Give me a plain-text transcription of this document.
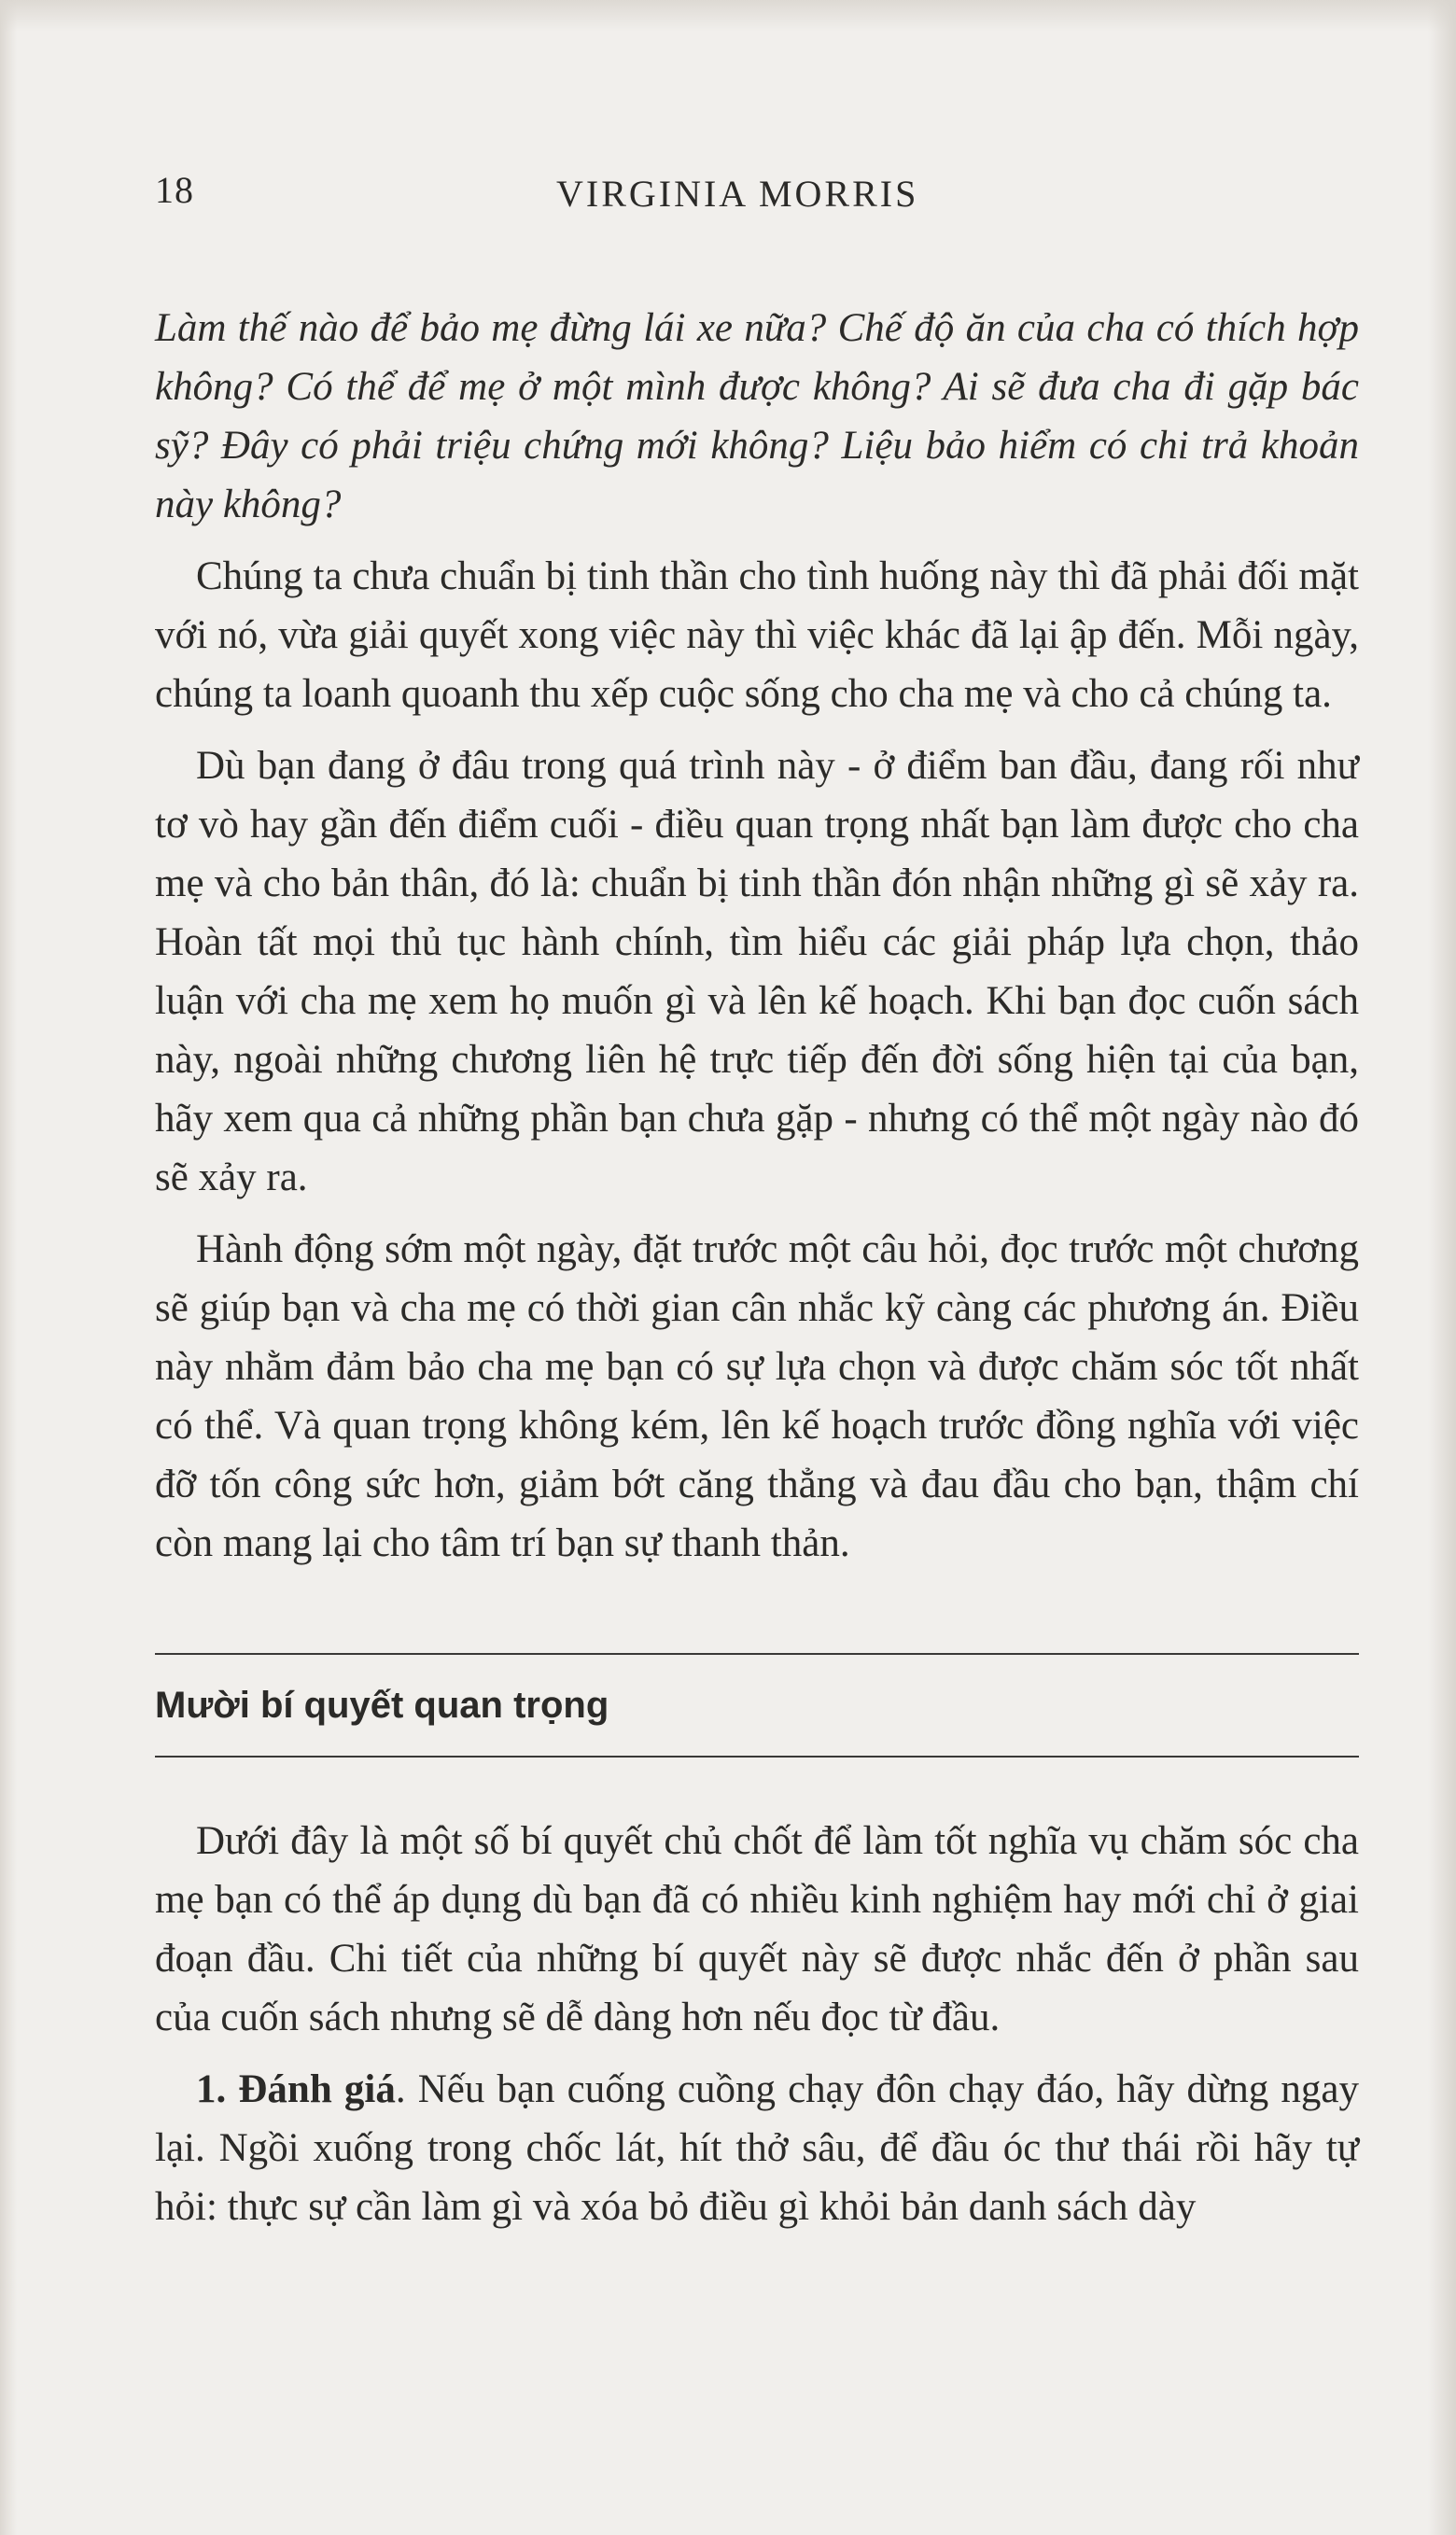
18	VIRGINIA MORRIS

Làm thế nào để bảo mẹ đừng lái xe nữa? Chế độ ăn của cha có thích hợp không? Có thể để mẹ ở một mình được không? Ai sẽ đưa cha đi gặp bác sỹ? Đây có phải triệu chứng mới không? Liệu bảo hiểm có chi trả khoản này không?

Chúng ta chưa chuẩn bị tinh thần cho tình huống này thì đã phải đối mặt với nó, vừa giải quyết xong việc này thì việc khác đã lại ập đến. Mỗi ngày, chúng ta loanh quoanh thu xếp cuộc sống cho cha mẹ và cho cả chúng ta.

Dù bạn đang ở đâu trong quá trình này - ở điểm ban đầu, đang rối như tơ vò hay gần đến điểm cuối - điều quan trọng nhất bạn làm được cho cha mẹ và cho bản thân, đó là: chuẩn bị tinh thần đón nhận những gì sẽ xảy ra. Hoàn tất mọi thủ tục hành chính, tìm hiểu các giải pháp lựa chọn, thảo luận với cha mẹ xem họ muốn gì và lên kế hoạch. Khi bạn đọc cuốn sách này, ngoài những chương liên hệ trực tiếp đến đời sống hiện tại của bạn, hãy xem qua cả những phần bạn chưa gặp - nhưng có thể một ngày nào đó sẽ xảy ra.

Hành động sớm một ngày, đặt trước một câu hỏi, đọc trước một chương sẽ giúp bạn và cha mẹ có thời gian cân nhắc kỹ càng các phương án. Điều này nhằm đảm bảo cha mẹ bạn có sự lựa chọn và được chăm sóc tốt nhất có thể. Và quan trọng không kém, lên kế hoạch trước đồng nghĩa với việc đỡ tốn công sức hơn, giảm bớt căng thẳng và đau đầu cho bạn, thậm chí còn mang lại cho tâm trí bạn sự thanh thản.

Mười bí quyết quan trọng

Dưới đây là một số bí quyết chủ chốt để làm tốt nghĩa vụ chăm sóc cha mẹ bạn có thể áp dụng dù bạn đã có nhiều kinh nghiệm hay mới chỉ ở giai đoạn đầu. Chi tiết của những bí quyết này sẽ được nhắc đến ở phần sau của cuốn sách nhưng sẽ dễ dàng hơn nếu đọc từ đầu.

1. Đánh giá. Nếu bạn cuống cuồng chạy đôn chạy đáo, hãy dừng ngay lại. Ngồi xuống trong chốc lát, hít thở sâu, để đầu óc thư thái rồi hãy tự hỏi: thực sự cần làm gì và xóa bỏ điều gì khỏi bản danh sách dày
